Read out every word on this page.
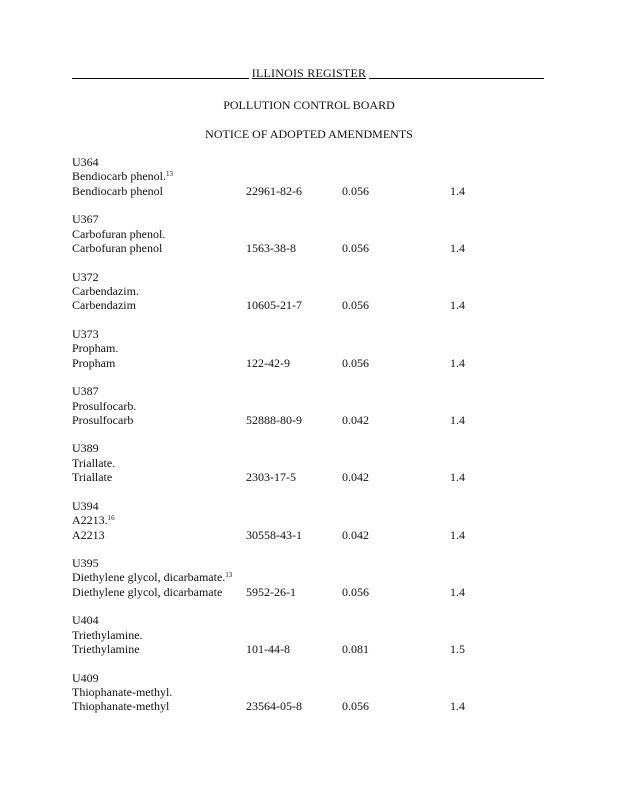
ILLINOIS REGISTER
POLLUTION CONTROL BOARD
NOTICE OF ADOPTED AMENDMENTS
U364
Bendiocarb phenol.$^{13}$
Bendiocarb phenol	22961-82-6	0.056	1.4
U367
Carbofuran phenol.
Carbofuran phenol	1563-38-8	0.056	1.4
U372
Carbendazim.
Carbendazim	10605-21-7	0.056	1.4
U373
Propham.
Propham	122-42-9	0.056	1.4
U387
Prosulfocarb.
Prosulfocarb	52888-80-9	0.042	1.4
U389
Triallate.
Triallate	2303-17-5	0.042	1.4
U394
A2213.16
A2213	30558-43-1	0.042	1.4
U395
Diethylene glycol, dicarbamate.$^{13}$
Diethylene glycol, dicarbamate 5952-26-1	0.056	1.4
U404
Triethylamine.
Triethylamine	101-44-8	0.081	1.5
U409
Thiophanate-methyl.
Thiophanate-methyl	23564-05-8	0.056	1.4
